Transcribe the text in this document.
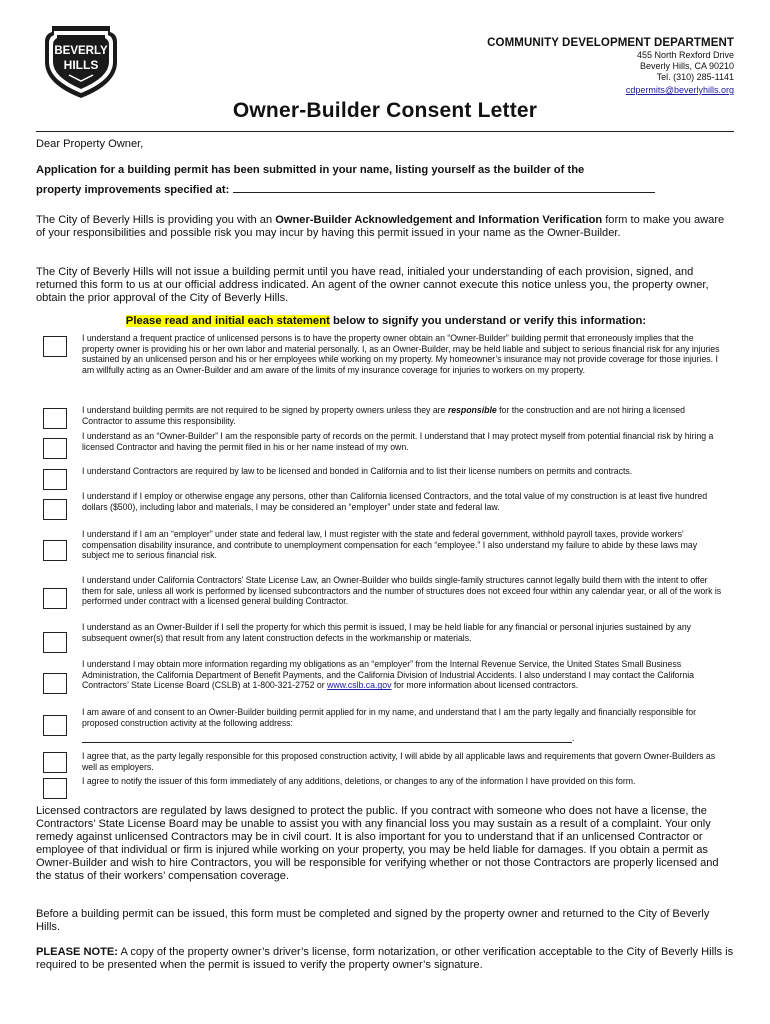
BEVERLY
HILLS
COMMUNITY DEVELOPMENT DEPARTMENT
455 North Rexford Drive
Beverly Hills, CA 90210
Tel. (310) 285-1141
cdpermits@beverlyhills.org
Owner-Builder Consent Letter
Dear Property Owner,
Application for a building permit has been submitted in your name, listing yourself as the builder of the
property improvements specified at:
The City of Beverly Hills is providing you with an Owner-Builder Acknowledgement and Information Verification form to make you aware of your responsibilities and possible risk you may incur by having this permit issued in your name as the Owner-Builder.
The City of Beverly Hills will not issue a building permit until you have read, initialed your understanding of each provision, signed, and returned this form to us at our official address indicated. An agent of the owner cannot execute this notice unless you, the property owner, obtain the prior approval of the City of Beverly Hills.
Please read and initial each statement below to signify you understand or verify this information:
I understand a frequent practice of unlicensed persons is to have the property owner obtain an “Owner-Builder” building permit that erroneously implies that the property owner is providing his or her own labor and material personally. I, as an Owner-Builder, may be held liable and subject to serious financial risk for any injuries sustained by an unlicensed person and his or her employees while working on my property. My homeowner’s insurance may not provide coverage for those injuries. I am willfully acting as an Owner-Builder and am aware of the limits of my insurance coverage for injuries to workers on my property.
I understand building permits are not required to be signed by property owners unless they are responsible for the construction and are not hiring a licensed Contractor to assume this responsibility.
I understand as an “Owner-Builder” I am the responsible party of records on the permit. I understand that I may protect myself from potential financial risk by hiring a licensed Contractor and having the permit filed in his or her name instead of my own.
I understand Contractors are required by law to be licensed and bonded in California and to list their license numbers on permits and contracts.
I understand if I employ or otherwise engage any persons, other than California licensed Contractors, and the total value of my construction is at least five hundred dollars ($500), including labor and materials, I may be considered an “employer” under state and federal law.
I understand if I am an “employer” under state and federal law, I must register with the state and federal government, withhold payroll taxes, provide workers’ compensation disability insurance, and contribute to unemployment compensation for each “employee.” I also understand my failure to abide by these laws may subject me to serious financial risk.
I understand under California Contractors’ State License Law, an Owner-Builder who builds single-family structures cannot legally build them with the intent to offer them for sale, unless all work is performed by licensed subcontractors and the number of structures does not exceed four within any calendar year, or all of the work is performed under contract with a licensed general building Contractor.
I understand as an Owner-Builder if I sell the property for which this permit is issued, I may be held liable for any financial or personal injuries sustained by any subsequent owner(s) that result from any latent construction defects in the workmanship or materials.
I understand I may obtain more information regarding my obligations as an “employer” from the Internal Revenue Service, the United States Small Business Administration, the California Department of Benefit Payments, and the California Division of Industrial Accidents. I also understand I may contact the California Contractors’ State License Board (CSLB) at 1-800-321-2752 or www.cslb.ca.gov for more information about licensed contractors.
I am aware of and consent to an Owner-Builder building permit applied for in my name, and understand that I am the party legally and financially responsible for proposed construction activity at the following address:
.
I agree that, as the party legally responsible for this proposed construction activity, I will abide by all applicable laws and requirements that govern Owner-Builders as well as employers.
I agree to notify the issuer of this form immediately of any additions, deletions, or changes to any of the information I have provided on this form.
Licensed contractors are regulated by laws designed to protect the public. If you contract with someone who does not have a license, the Contractors’ State License Board may be unable to assist you with any financial loss you may sustain as a result of a complaint. Your only remedy against unlicensed Contractors may be in civil court. It is also important for you to understand that if an unlicensed Contractor or employee of that individual or firm is injured while working on your property, you may be held liable for damages. If you obtain a permit as Owner-Builder and wish to hire Contractors, you will be responsible for verifying whether or not those Contractors are properly licensed and the status of their workers’ compensation coverage.
Before a building permit can be issued, this form must be completed and signed by the property owner and returned to the City of Beverly Hills.
PLEASE NOTE: A copy of the property owner’s driver’s license, form notarization, or other verification acceptable to the City of Beverly Hills is required to be presented when the permit is issued to verify the property owner’s signature.
